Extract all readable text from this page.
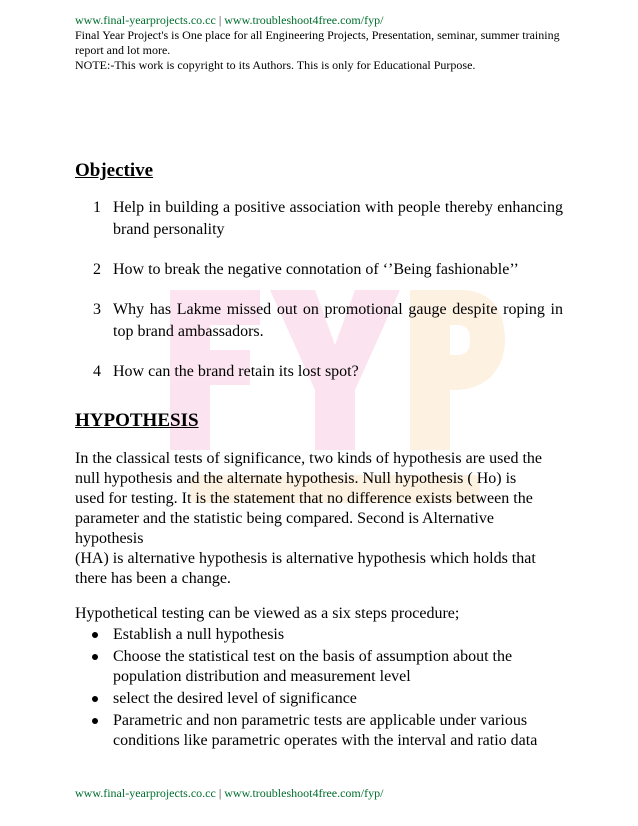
www.final-yearprojects.co.cc | www.troubleshoot4free.com/fyp/
Final Year Project's is One place for all Engineering Projects, Presentation, seminar, summer training report and lot more.
NOTE:-This work is copyright to its Authors. This is only for Educational Purpose.
Objective
1 Help in building a positive association with people thereby enhancing brand personality
2 How to break the negative connotation of ‘’Being fashionable’’
3 Why has Lakme missed out on promotional gauge despite roping in top brand ambassadors.
4 How can the brand retain its lost spot?
HYPOTHESIS
In the classical tests of significance, two kinds of hypothesis are used the
null hypothesis and the alternate hypothesis. Null hypothesis ( Ho) is
used for testing. It is the statement that no difference exists between the
parameter and the statistic being compared. Second is Alternative
hypothesis
(HA) is alternative hypothesis is alternative hypothesis which holds that
there has been a change.
Hypothetical testing can be viewed as a six steps procedure;
Establish a null hypothesis
Choose the statistical test on the basis of assumption about the population distribution and measurement level
select the desired level of significance
Parametric and non parametric tests are applicable under various conditions like parametric operates with the interval and ratio data
www.final-yearprojects.co.cc | www.troubleshoot4free.com/fyp/
